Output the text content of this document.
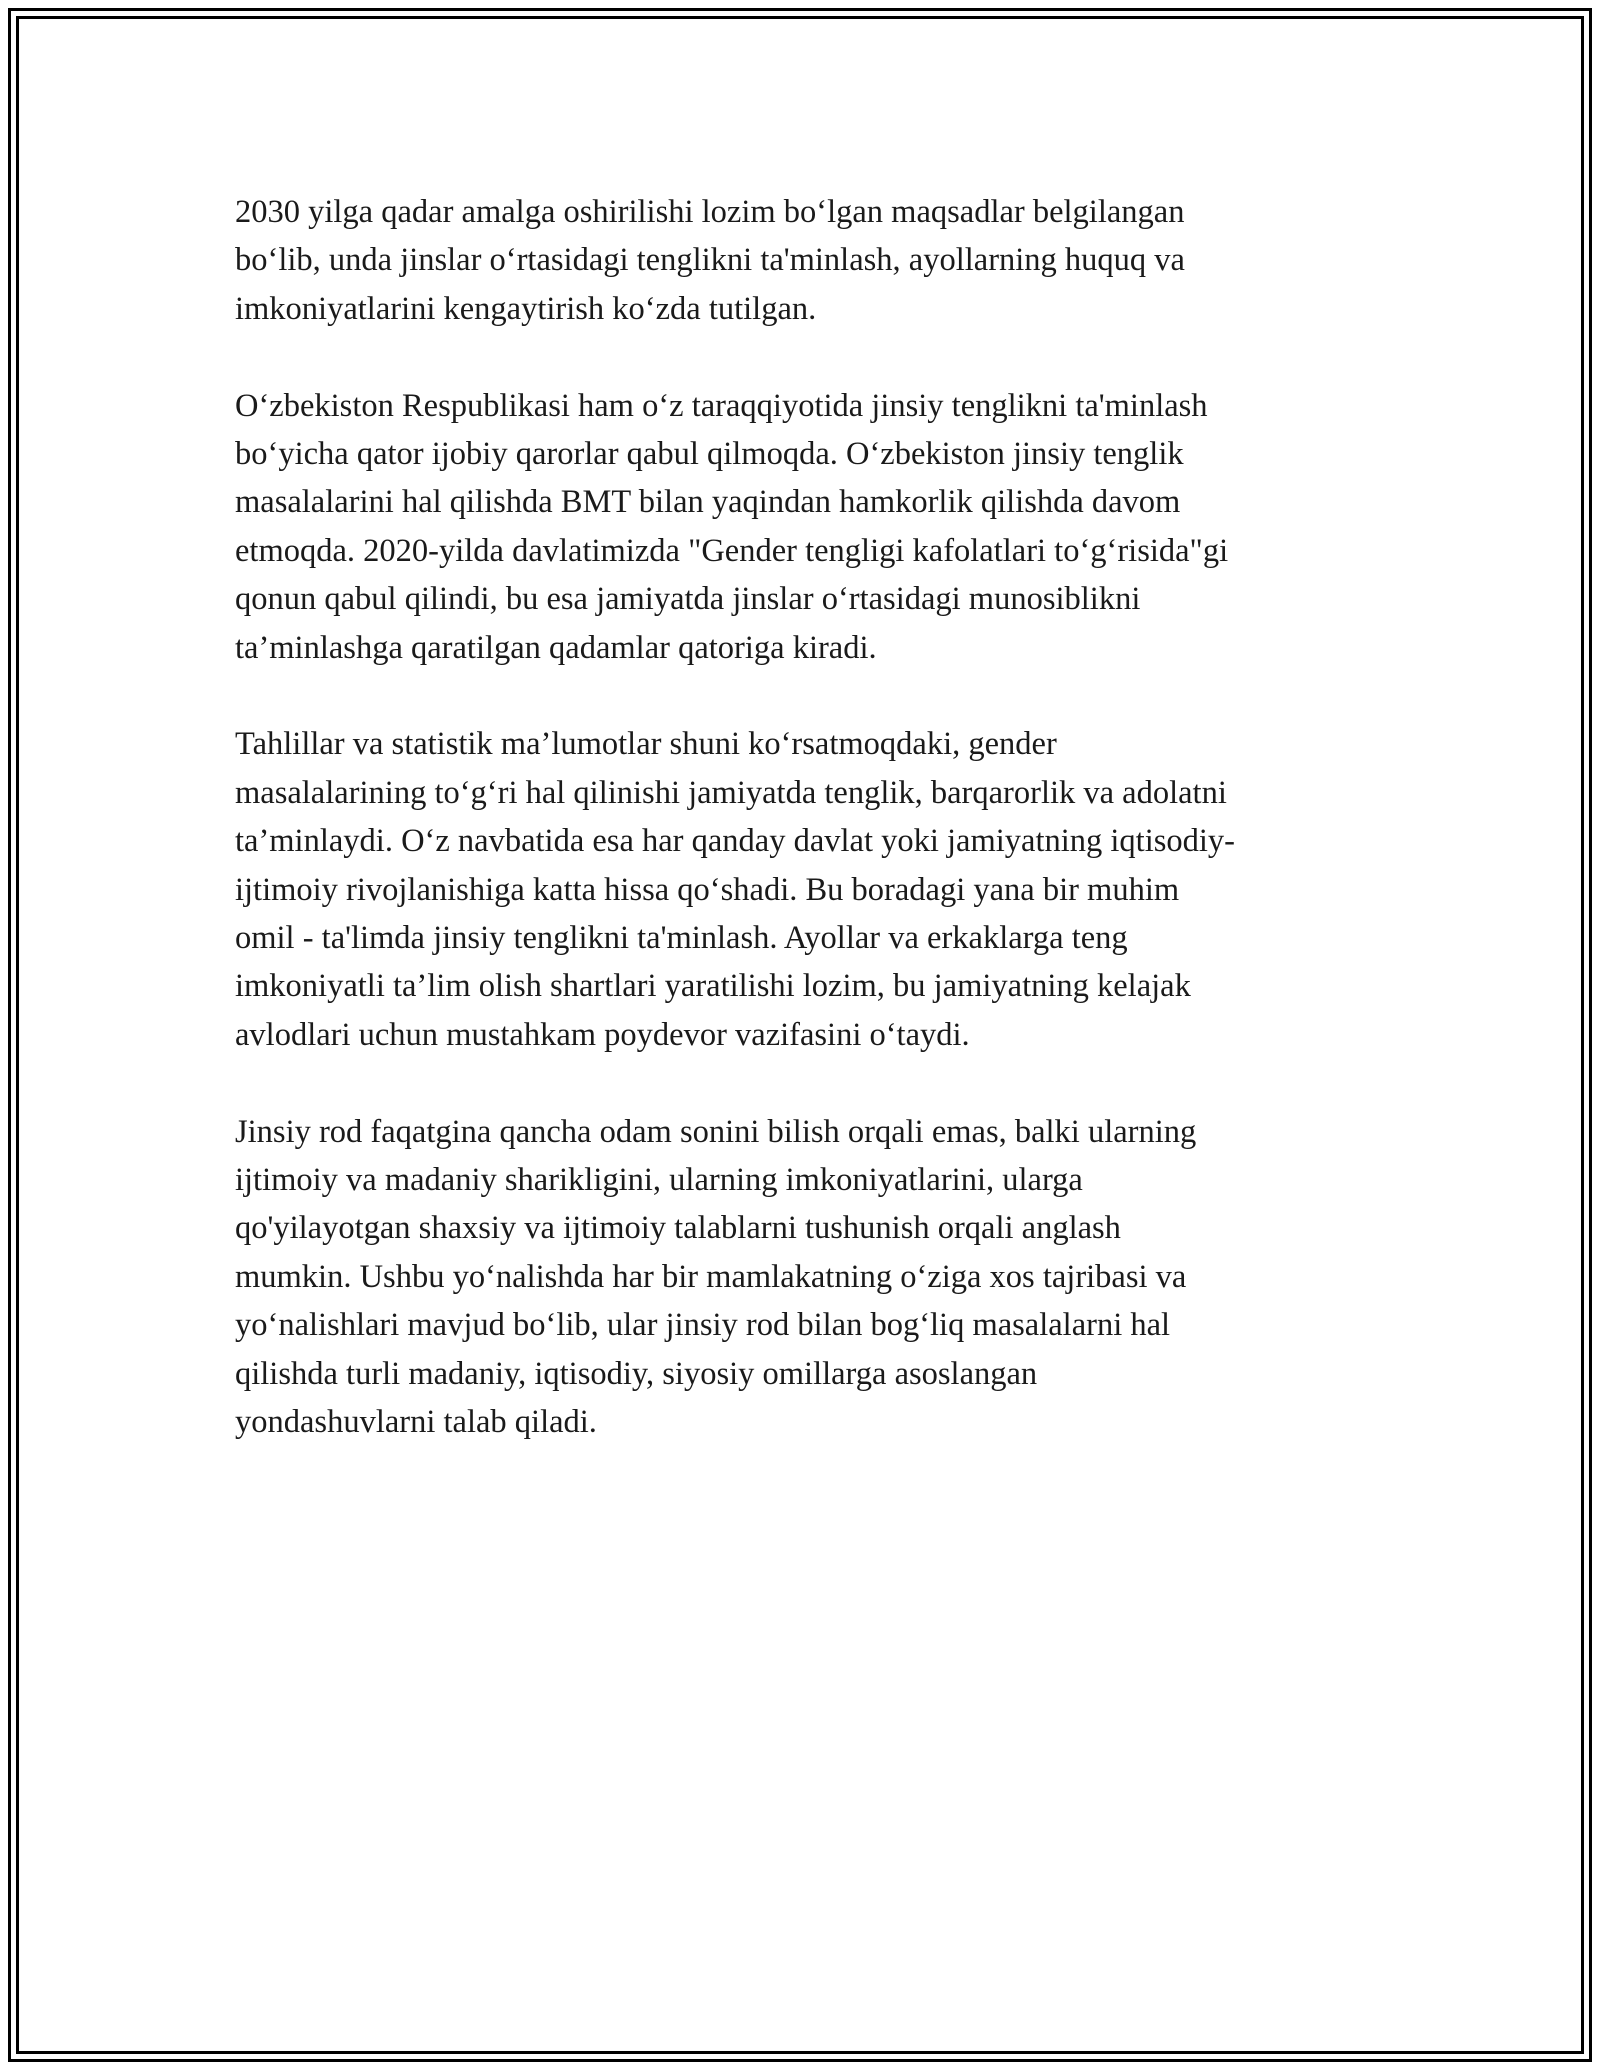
2030 yilga qadar amalga oshirilishi lozim bo‘lgan maqsadlar belgilangan
bo‘lib, unda jinslar o‘rtasidagi tenglikni ta'minlash, ayollarning huquq va
imkoniyatlarini kengaytirish ko‘zda tutilgan.

O‘zbekiston Respublikasi ham o‘z taraqqiyotida jinsiy tenglikni ta'minlash
bo‘yicha qator ijobiy qarorlar qabul qilmoqda. O‘zbekiston jinsiy tenglik
masalalarini hal qilishda BMT bilan yaqindan hamkorlik qilishda davom
etmoqda. 2020-yilda davlatimizda "Gender tengligi kafolatlari to‘g‘risida"gi
qonun qabul qilindi, bu esa jamiyatda jinslar o‘rtasidagi munosiblikni
ta’minlashga qaratilgan qadamlar qatoriga kiradi.

Tahlillar va statistik ma’lumotlar shuni ko‘rsatmoqdaki, gender
masalalarining to‘g‘ri hal qilinishi jamiyatda tenglik, barqarorlik va adolatni
ta’minlaydi. O‘z navbatida esa har qanday davlat yoki jamiyatning iqtisodiy-
ijtimoiy rivojlanishiga katta hissa qo‘shadi. Bu boradagi yana bir muhim
omil - ta'limda jinsiy tenglikni ta'minlash. Ayollar va erkaklarga teng
imkoniyatli ta’lim olish shartlari yaratilishi lozim, bu jamiyatning kelajak
avlodlari uchun mustahkam poydevor vazifasini o‘taydi.

Jinsiy rod faqatgina qancha odam sonini bilish orqali emas, balki ularning
ijtimoiy va madaniy sharikligini, ularning imkoniyatlarini, ularga
qo'yilayotgan shaxsiy va ijtimoiy talablarni tushunish orqali anglash
mumkin. Ushbu yo‘nalishda har bir mamlakatning o‘ziga xos tajribasi va
yo‘nalishlari mavjud bo‘lib, ular jinsiy rod bilan bog‘liq masalalarni hal
qilishda turli madaniy, iqtisodiy, siyosiy omillarga asoslangan
yondashuvlarni talab qiladi.
